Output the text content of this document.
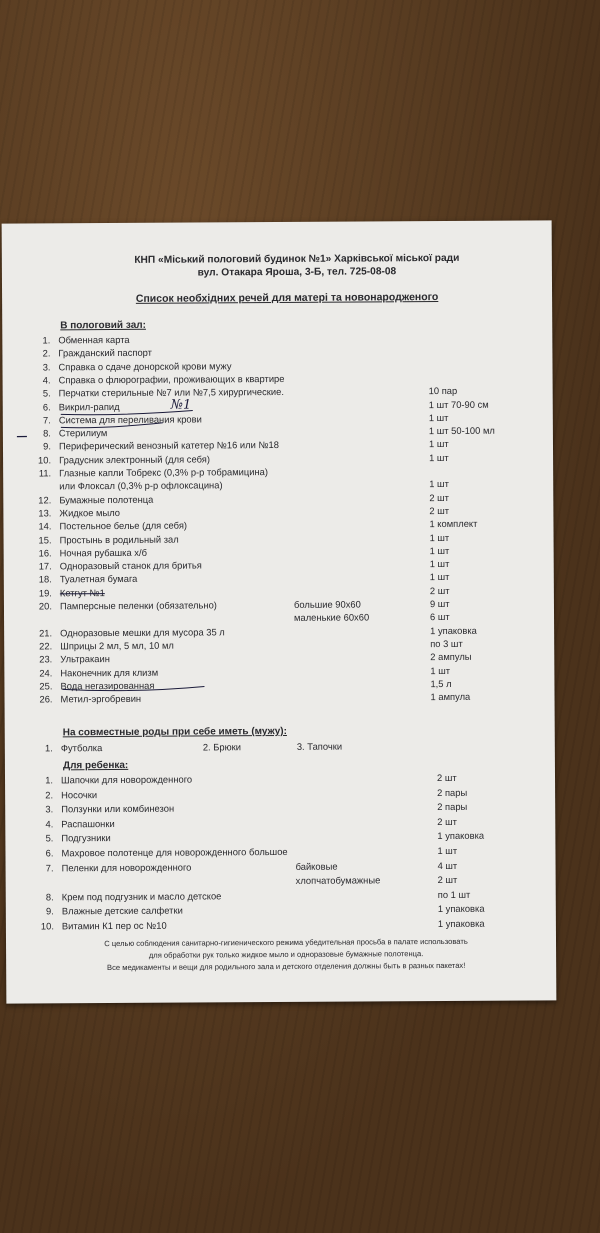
КНП «Міський пологовий будинок №1» Харківської міської ради
вул. Отакара Яроша, 3-Б, тел. 725-08-08
Список необхідних речей для матері та новонародженого
В пологовий зал:
1. Обменная карта
2. Гражданский паспорт
3. Справка о сдаче донорской крови мужу
4. Справка о флюрографии, проживающих в квартире
5. Перчатки стерильные №7 или №7,5 хирургические.	10 пар
6. Викрил-рапид	1 шт 70-90 см
7. Система для переливания крови	1 шт
8. Стерилиум	1 шт 50-100 мл
9. Периферический венозный катетер №16 или №18	1 шт
10. Градусник электронный (для себя)	1 шт
11. Глазные капли Тобрекс (0,3% р-р тобрамицина)
или Флоксал (0,3% р-р офлоксацина)	1 шт
12. Бумажные полотенца	2 шт
13. Жидкое мыло	2 шт
14. Постельное белье (для себя)	1 комплект
15. Простынь в родильный зал	1 шт
16. Ночная рубашка х/б	1 шт
17. Одноразовый станок для бритья	1 шт
18. Туалетная бумага	1 шт
19. Кетгут №1	2 шт
20. Памперсные пеленки (обязательно)	большие 90х60	9 шт
маленькие 60х60	6 шт
21. Одноразовые мешки для мусора 35 л	1 упаковка
22. Шприцы 2 мл, 5 мл, 10 мл	по 3 шт
23. Ультракаин	2 ампулы
24. Наконечник для клизм	1 шт
25. Вода негазированная	1,5 л
26. Метил-эргобревин	1 ампула
На совместные роды при себе иметь (мужу):
1. Футболка	2. Брюки	3. Тапочки
Для ребенка:
1. Шапочки для новорожденного	2 шт
2. Носочки	2 пары
3. Ползунки или комбинезон	2 пары
4. Распашонки	2 шт
5. Подгузники	1 упаковка
6. Махровое полотенце для новорожденного большое	1 шт
7. Пеленки для новорожденного	байковые	4 шт
хлопчатобумажные	2 шт
8. Крем под подгузник и масло детское	по 1 шт
9. Влажные детские салфетки	1 упаковка
10. Витамин К1 пер ос №10	1 упаковка
С целью соблюдения санитарно-гигиенического режима убедительная просьба в палате использовать
для обработки рук только жидкое мыло и одноразовые бумажные полотенца.
Все медикаменты и вещи для родильного зала и детского отделения должны быть в разных пакетах!
№1
